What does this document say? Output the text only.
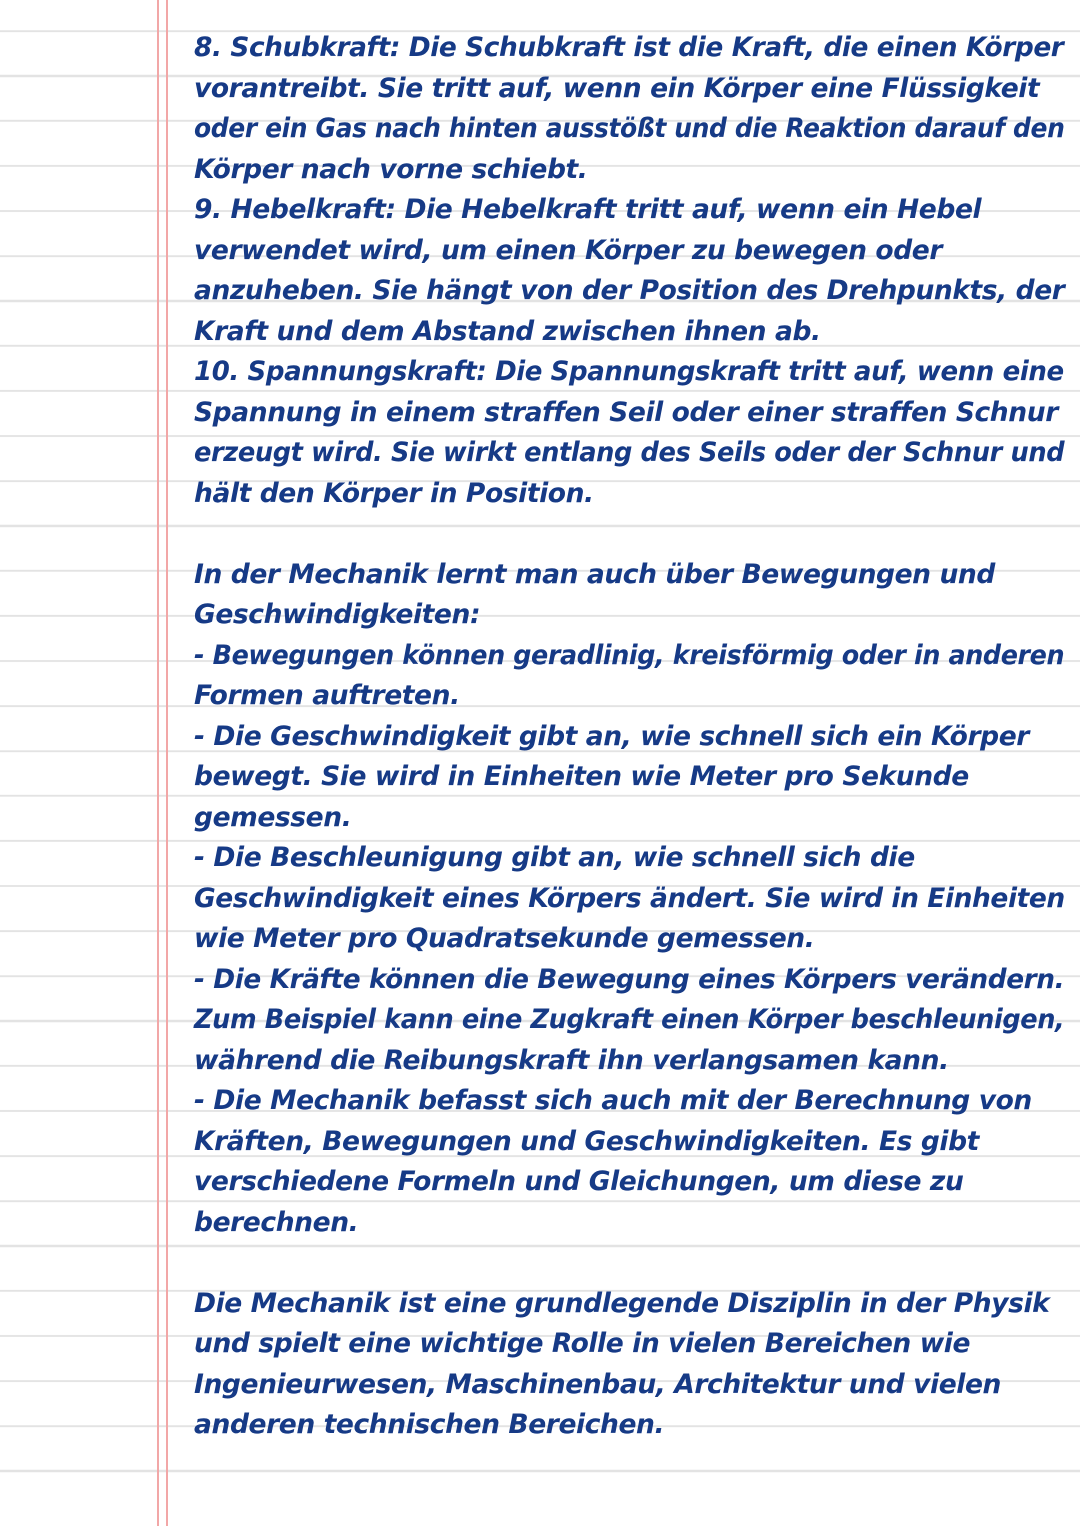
8. Schubkraft: Die Schubkraft ist die Kraft, die einen Körper
vorantreibt. Sie tritt auf, wenn ein Körper eine Flüssigkeit
oder ein Gas nach hinten ausstößt und die Reaktion darauf den
Körper nach vorne schiebt.
9. Hebelkraft: Die Hebelkraft tritt auf, wenn ein Hebel
verwendet wird, um einen Körper zu bewegen oder
anzuheben. Sie hängt von der Position des Drehpunkts, der
Kraft und dem Abstand zwischen ihnen ab.
10. Spannungskraft: Die Spannungskraft tritt auf, wenn eine
Spannung in einem straffen Seil oder einer straffen Schnur
erzeugt wird. Sie wirkt entlang des Seils oder der Schnur und
hält den Körper in Position.
In der Mechanik lernt man auch über Bewegungen und
Geschwindigkeiten:
- Bewegungen können geradlinig, kreisförmig oder in anderen
Formen auftreten.
- Die Geschwindigkeit gibt an, wie schnell sich ein Körper
bewegt. Sie wird in Einheiten wie Meter pro Sekunde
gemessen.
- Die Beschleunigung gibt an, wie schnell sich die
Geschwindigkeit eines Körpers ändert. Sie wird in Einheiten
wie Meter pro Quadratsekunde gemessen.
- Die Kräfte können die Bewegung eines Körpers verändern.
Zum Beispiel kann eine Zugkraft einen Körper beschleunigen,
während die Reibungskraft ihn verlangsamen kann.
- Die Mechanik befasst sich auch mit der Berechnung von
Kräften, Bewegungen und Geschwindigkeiten. Es gibt
verschiedene Formeln und Gleichungen, um diese zu
berechnen.
Die Mechanik ist eine grundlegende Disziplin in der Physik
und spielt eine wichtige Rolle in vielen Bereichen wie
Ingenieurwesen, Maschinenbau, Architektur und vielen
anderen technischen Bereichen.
